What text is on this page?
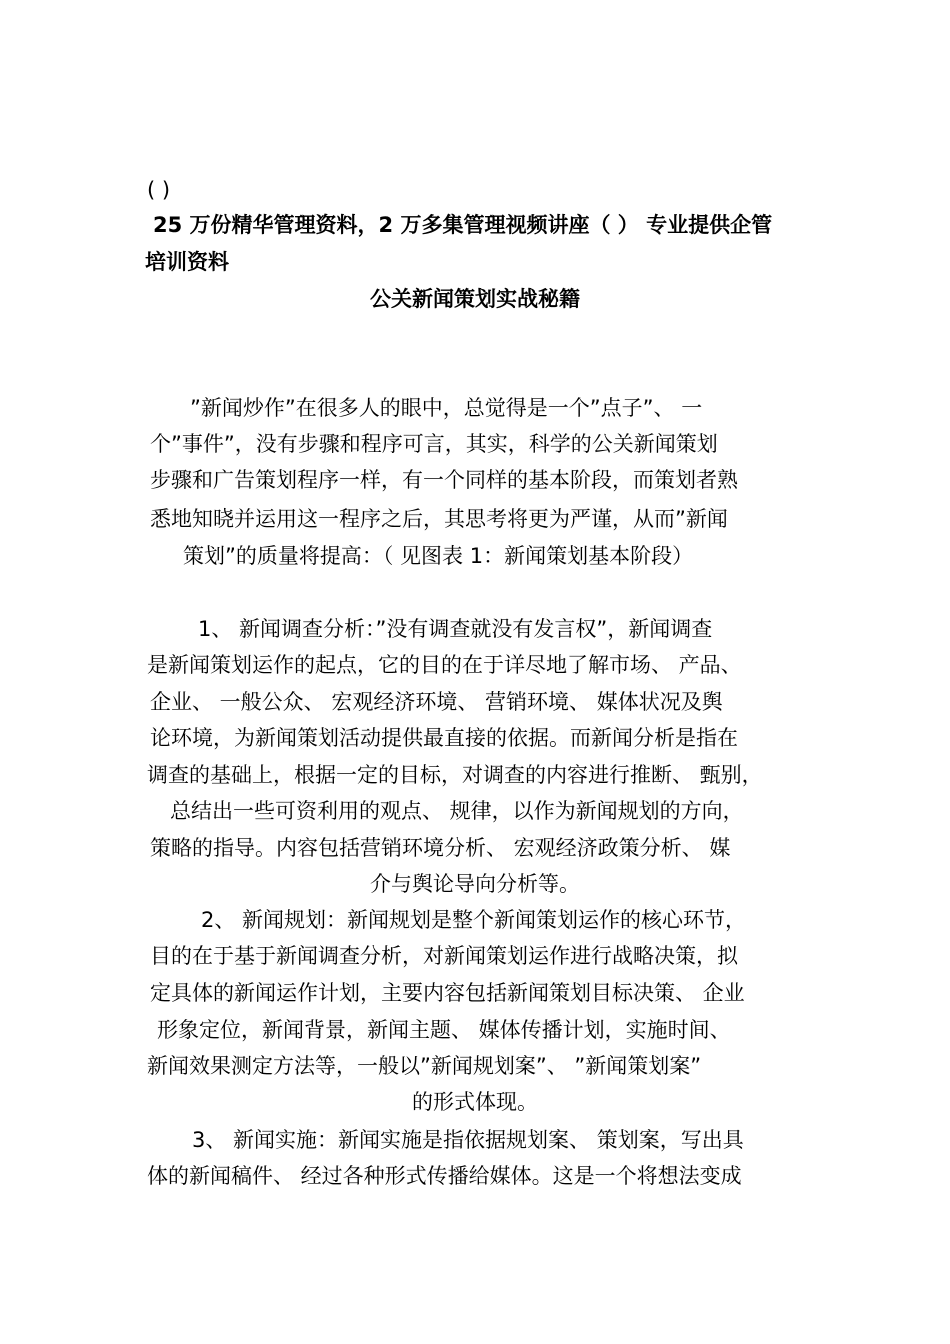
( )
25 万份精华管理资料，2 万多集管理视频讲座（ ） 专业提供企管
培训资料
公关新闻策划实战秘籍
”新闻炒作”在很多人的眼中，总觉得是一个”点子”、 一
个”事件”，没有步骤和程序可言，其实，科学的公关新闻策划
步骤和广告策划程序一样，有一个同样的基本阶段，而策划者熟
悉地知晓并运用这一程序之后，其思考将更为严谨，从而”新闻
策划”的质量将提高：（ 见图表 1：新闻策划基本阶段）
1、 新闻调查分析：”没有调查就没有发言权”，新闻调查
是新闻策划运作的起点，它的目的在于详尽地了解市场、 产品、
企业、 一般公众、 宏观经济环境、 营销环境、 媒体状况及舆
论环境，为新闻策划活动提供最直接的依据。而新闻分析是指在
调查的基础上，根据一定的目标，对调查的内容进行推断、 甄别，
总结出一些可资利用的观点、 规律，以作为新闻规划的方向，
策略的指导。内容包括营销环境分析、 宏观经济政策分析、 媒
介与舆论导向分析等。
2、 新闻规划：新闻规划是整个新闻策划运作的核心环节，
目的在于基于新闻调查分析，对新闻策划运作进行战略决策，拟
定具体的新闻运作计划，主要内容包括新闻策划目标决策、 企业
形象定位，新闻背景，新闻主题、 媒体传播计划，实施时间、
新闻效果测定方法等，一般以”新闻规划案”、 ”新闻策划案”
的形式体现。
3、 新闻实施：新闻实施是指依据规划案、 策划案，写出具
体的新闻稿件、 经过各种形式传播给媒体。这是一个将想法变成
